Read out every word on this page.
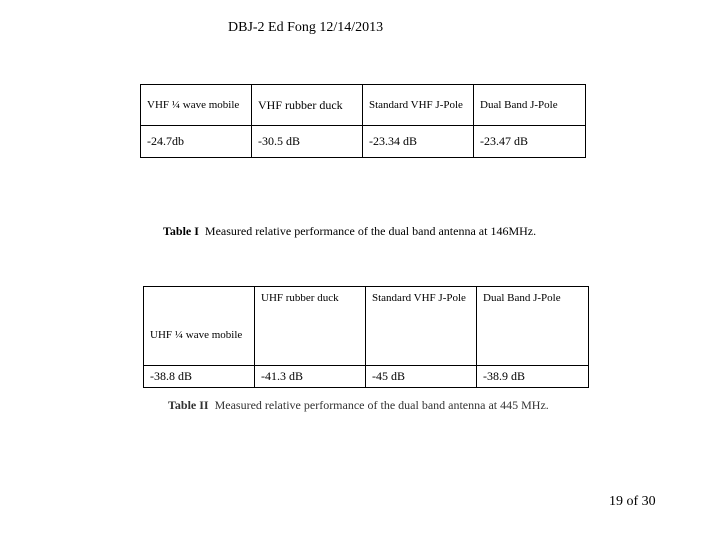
DBJ-2 Ed Fong 12/14/2013
VHF ¼ wave mobile	VHF rubber duck	Standard VHF J-Pole	Dual Band J-Pole
-24.7db	-30.5 dB	-23.34 dB	-23.47 dB
Table I Measured relative performance of the dual band antenna at 146MHz.
UHF ¼ wave mobile	UHF rubber duck	Standard VHF J-Pole	Dual Band J-Pole
-38.8 dB	-41.3 dB	-45 dB	-38.9 dB
Table II Measured relative performance of the dual band antenna at 445 MHz.
19 of 30
